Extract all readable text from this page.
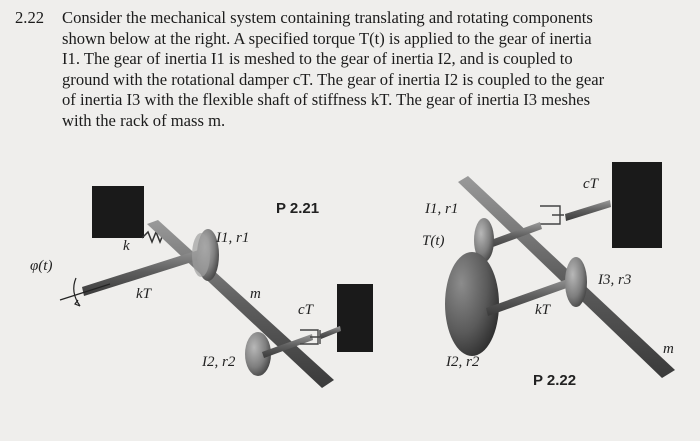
2.22 Consider the mechanical system containing translating and rotating components
shown below at the right. A specified torque T(t) is applied to the gear of inertia
I1. The gear of inertia I1 is meshed to the gear of inertia I2, and is coupled to
ground with the rotational damper cT. The gear of inertia I2 is coupled to the gear
of inertia I3 with the flexible shaft of stiffness kT. The gear of inertia I3 meshes
with the rack of mass m.
φ(t)
k
kT
I1, r1
m
cT
I2, r2
P 2.21
cT
I1, r1
T(t)
I3, r3
kT
I2, r2
m
P 2.22
